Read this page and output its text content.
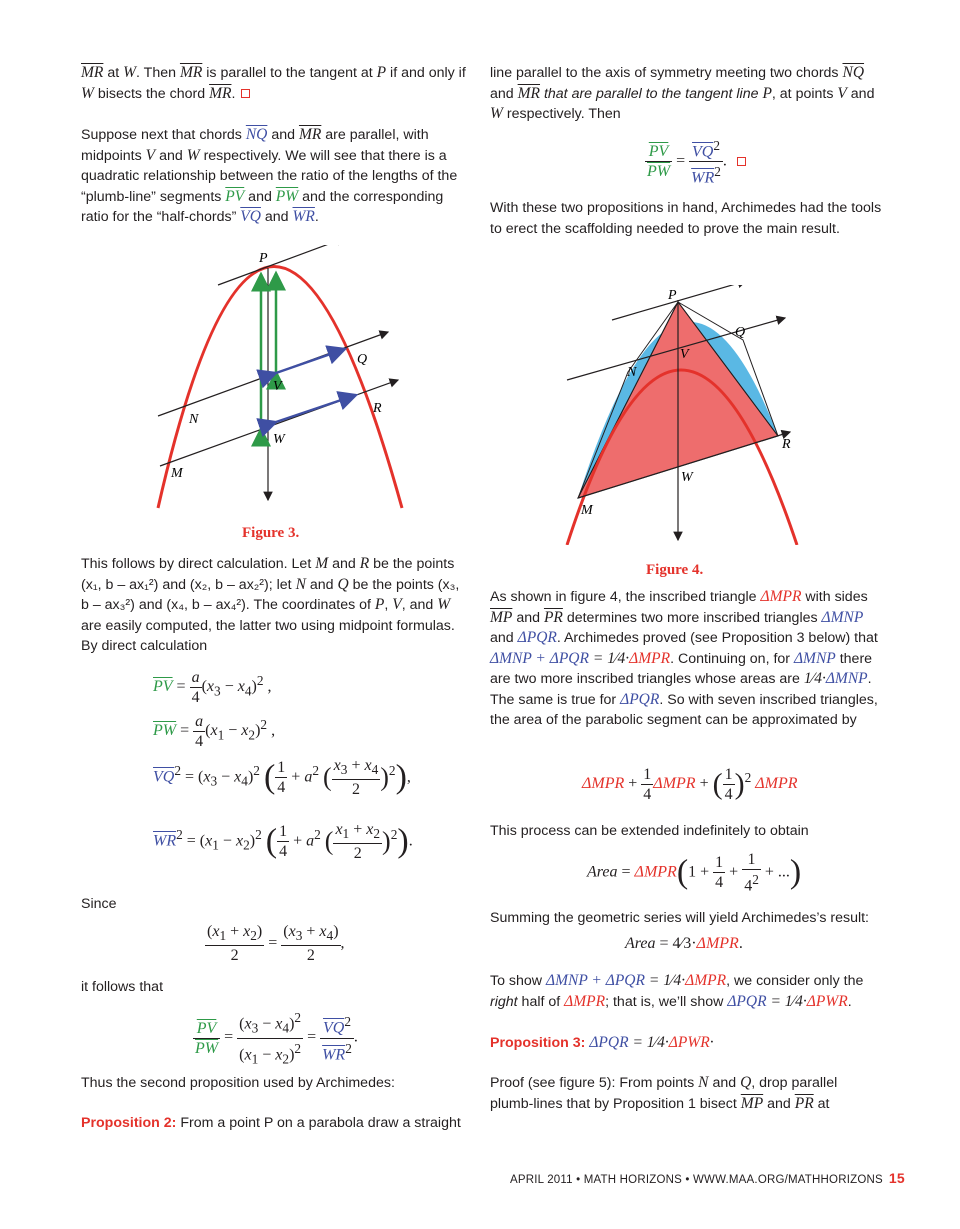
$\overline{MR}$ at W. Then $\overline{MR}$ is parallel to the tangent at P if and only if W bisects the chord $\overline{MR}$.
Suppose next that chords $\overline{NQ}$ and $\overline{MR}$ are parallel, with midpoints V and W respectively. We will see that there is a quadratic relationship between the ratio of the lengths of the “plumb-line” segments $\overline{PV}$ and $\overline{PW}$ and the corresponding ratio for the “half-chords” $\overline{VQ}$ and $\overline{WR}$.
P
Q
V
R
N
W
M
Figure 3.
This follows by direct calculation. Let M and R be the points (x₁, b – ax₁²) and (x₂, b – ax₂²); let N and Q be the points (x₃, b – ax₃²) and (x₄, b – ax₄²). The coordinates of P, V, and W are easily computed, the latter two using midpoint formulas. By direct calculation
$\overline{PV} = \frac{a}{4} (x_3 - x_4)^2$ ,
$\overline{PW} = \frac{a}{4} (x_1 - x_2)^2$ ,
$\overline{VQ}^2 = (x_3 - x_4)^2$ ( $\frac{1}{4} + a^2$ ( $\frac{x_3 + x_4}{2} )^2$),
$\overline{WR}^2 = (x_1 - x_2)^2$ ( $\frac{1}{4} + a^2$ ( $\frac{x_1 + x_2}{2} )^2$).
Since
$\frac{(x_1 + x_2)}{2} = \frac{(x_3 + x_4)}{2}$ ,
it follows that
$\frac{\overline{PV}}{PW} = \frac{(x_3 - x_4)^2}{(x_1 - x_2)^2} = \frac{\overline{VQ}^2}{\overline{WR}^2}$ .
Thus the second proposition used by Archimedes:
Proposition 2: From a point P on a parabola draw a straight
line parallel to the axis of symmetry meeting two chords $\overline{NQ}$ and $\overline{MR}$ that are parallel to the tangent line P, at points V and W respectively. Then
$\frac{\overline{PV}}{PW} = \frac{\overline{VQ}^2}{\overline{WR}^2}$ .
With these two propositions in hand, Archimedes had the tools to erect the scaffolding needed to prove the main result.
P
Q
V
N
R
W
M
Figure 4.
As shown in figure 4, the inscribed triangle ΔMPR with sides $\overline{MP}$ and $\overline{PR}$ determines two more inscribed triangles ΔMNP and ΔPQR. Archimedes proved (see Proposition 3 below) that ΔMNP + ΔPQR = 1⁄4·ΔMPR. Continuing on, for ΔMNP there are two more inscribed triangles whose areas are 1⁄4·ΔMNP. The same is true for ΔPQR. So with seven inscribed triangles, the area of the parabolic segment can be approximated by
$\Delta MPR + \frac{1}{4}$ ΔMPR + ( $\frac{1}{4} )^2$ ΔMPR
This process can be extended indefinitely to obtain
Area = $\Delta MPR(1 + \frac{1}{4} + \frac{1}{4^2}$ + ...)
Summing the geometric series will yield Archimedes’s result:
Area = 4⁄3·ΔMPR.
To show ΔMNP + ΔPQR = 1⁄4·ΔMPR, we consider only the right half of ΔMPR; that is, we’ll show ΔPQR = 1⁄4·ΔPWR.
Proposition 3: ΔPQR = 1⁄4·ΔPWR·
Proof (see figure 5): From points N and Q, drop parallel plumb-lines that by Proposition 1 bisect $\overline{MP}$ and $\overline{PR}$ at
APRIL 2011 • MATH HORIZONS • WWW.MAA.ORG/MATHHORIZONS 15
